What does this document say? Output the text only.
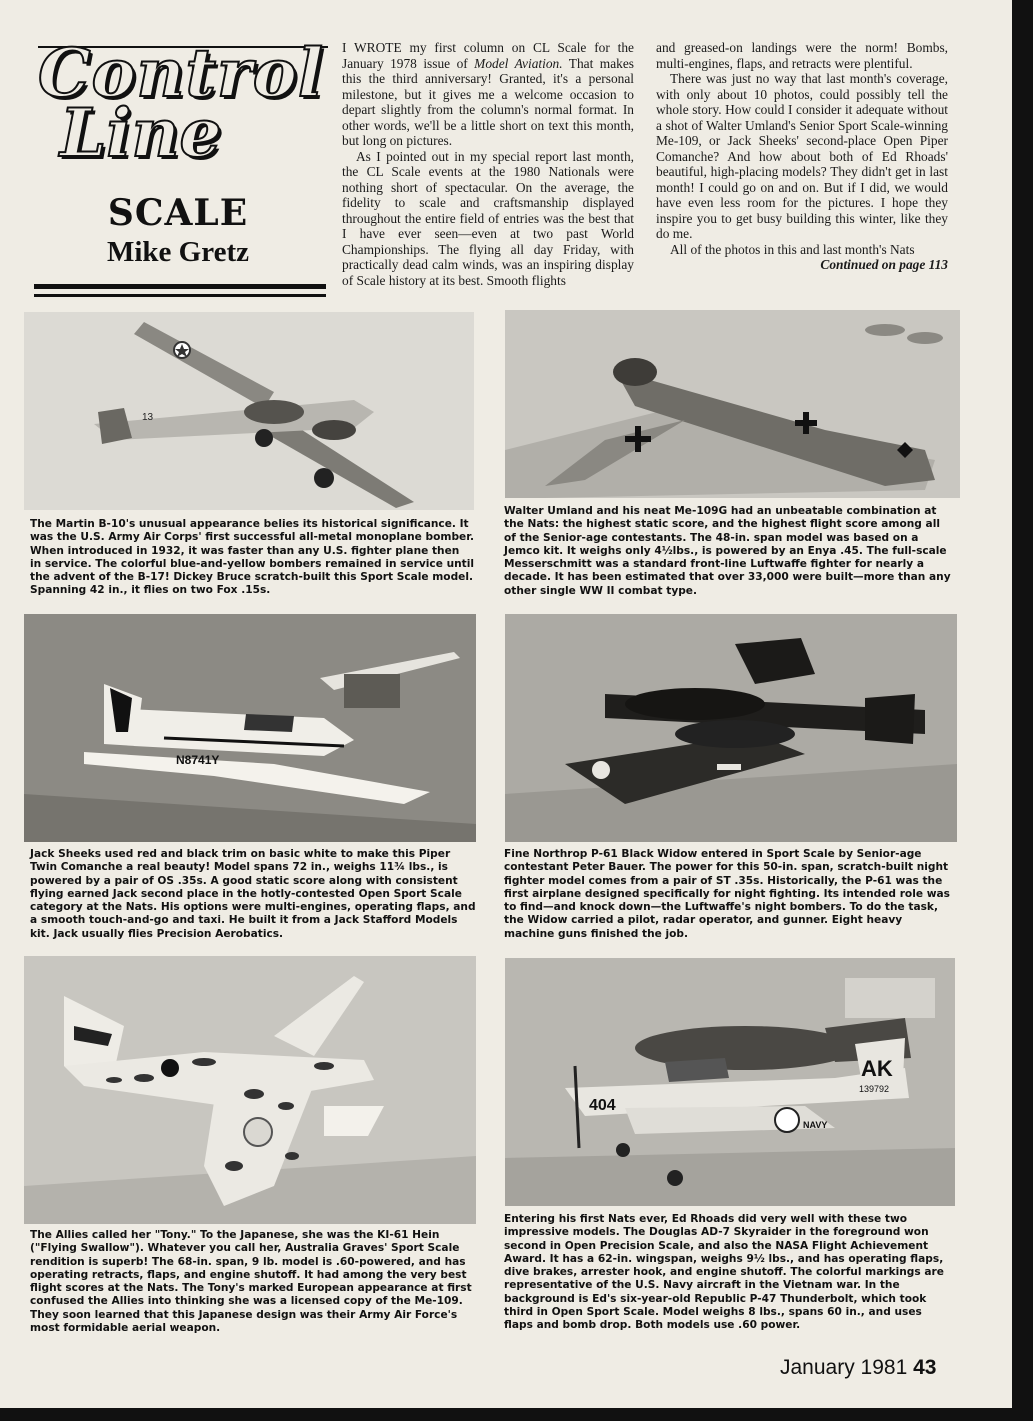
Control
Line
SCALE
Mike Gretz

I WROTE my first column on CL Scale for the January 1978 issue of Model Aviation. That makes this the third anniversary! Granted, it's a personal milestone, but it gives me a welcome occasion to depart slightly from the column's normal format. In other words, we'll be a little short on text this month, but long on pictures.

As I pointed out in my special report last month, the CL Scale events at the 1980 Nationals were nothing short of spectacular. On the average, the fidelity to scale and craftsmanship displayed throughout the entire field of entries was the best that I have ever seen—even at two past World Championships. The flying all day Friday, with practically dead calm winds, was an inspiring display of Scale history at its best. Smooth flights

and greased-on landings were the norm! Bombs, multi-engines, flaps, and retracts were plentiful.

There was just no way that last month's coverage, with only about 10 photos, could possibly tell the whole story. How could I consider it adequate without a shot of Walter Umland's Senior Sport Scale-winning Me-109, or Jack Sheeks' second-place Open Piper Comanche? And how about both of Ed Rhoads' beautiful, high-placing models? They didn't get in last month! I could go on and on. But if I did, we would have even less room for the pictures. I hope they inspire you to get busy building this winter, like they do me.

All of the photos in this and last month's Nats

Continued on page 113

13

The Martin B-10's unusual appearance belies its historical significance. It was the U.S. Army Air Corps' first successful all-metal monoplane bomber. When introduced in 1932, it was faster than any U.S. fighter plane then in service. The colorful blue-and-yellow bombers remained in service until the advent of the B-17! Dickey Bruce scratch-built this Sport Scale model. Spanning 42 in., it flies on two Fox .15s.

Walter Umland and his neat Me-109G had an unbeatable combination at the Nats: the highest static score, and the highest flight score among all of the Senior-age contestants. The 48-in. span model was based on a Jemco kit. It weighs only 4½lbs., is powered by an Enya .45. The full-scale Messerschmitt was a standard front-line Luftwaffe fighter for nearly a decade. It has been estimated that over 33,000 were built—more than any other single WW II combat type.

N8741Y

Jack Sheeks used red and black trim on basic white to make this Piper Twin Comanche a real beauty! Model spans 72 in., weighs 11¾ lbs., is powered by a pair of OS .35s. A good static score along with consistent flying earned Jack second place in the hotly-contested Open Sport Scale category at the Nats. His options were multi-engines, operating flaps, and a smooth touch-and-go and taxi. He built it from a Jack Stafford Models kit. Jack usually flies Precision Aerobatics.

Fine Northrop P-61 Black Widow entered in Sport Scale by Senior-age contestant Peter Bauer. The power for this 50-in. span, scratch-built night fighter model comes from a pair of ST .35s. Historically, the P-61 was the first airplane designed specifically for night fighting. Its intended role was to find—and knock down—the Luftwaffe's night bombers. To do the task, the Widow carried a pilot, radar operator, and gunner. Eight heavy machine guns finished the job.

404
AK
139792
NAVY

The Allies called her "Tony." To the Japanese, she was the KI-61 Hein ("Flying Swallow"). Whatever you call her, Australia Graves' Sport Scale rendition is superb! The 68-in. span, 9 lb. model is .60-powered, and has operating retracts, flaps, and engine shutoff. It had among the very best flight scores at the Nats. The Tony's marked European appearance at first confused the Allies into thinking she was a licensed copy of the Me-109. They soon learned that this Japanese design was their Army Air Force's most formidable aerial weapon.

Entering his first Nats ever, Ed Rhoads did very well with these two impressive models. The Douglas AD-7 Skyraider in the foreground won second in Open Precision Scale, and also the NASA Flight Achievement Award. It has a 62-in. wingspan, weighs 9½ lbs., and has operating flaps, dive brakes, arrester hook, and engine shutoff. The colorful markings are representative of the U.S. Navy aircraft in the Vietnam war. In the background is Ed's six-year-old Republic P-47 Thunderbolt, which took third in Open Sport Scale. Model weighs 8 lbs., spans 60 in., and uses flaps and bomb drop. Both models use .60 power.

January 1981 43
